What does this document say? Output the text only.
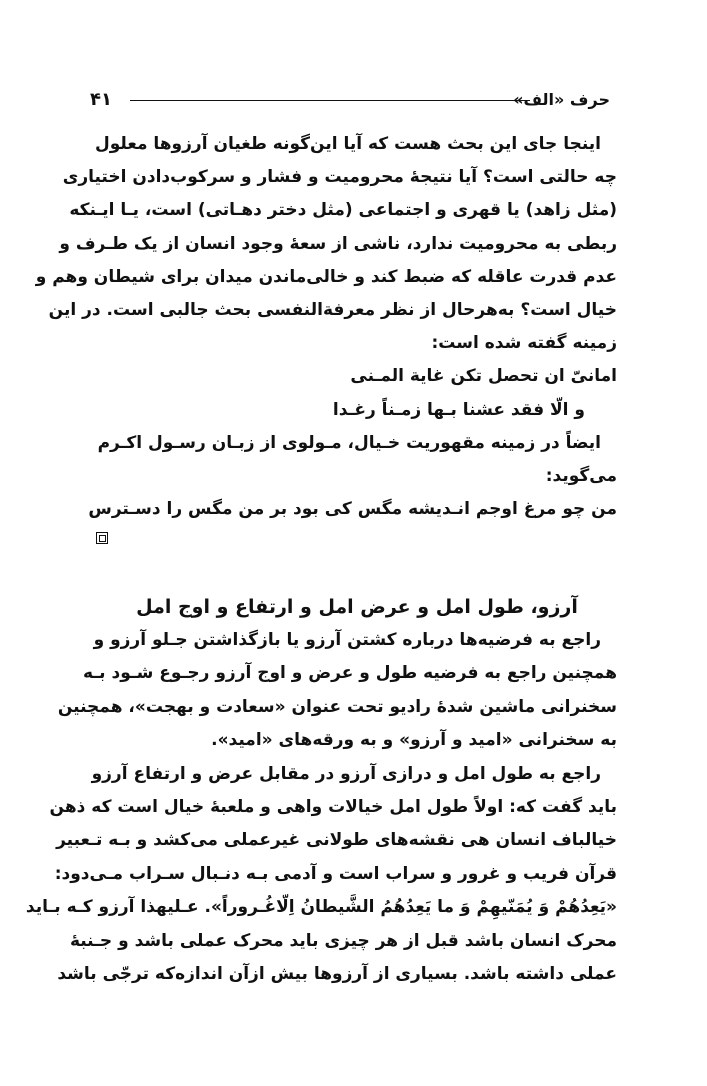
حرف «الف»
۴۱
اینجا جای این بحث هست که آیا این‌گونه طغیان آرزوها معلول
چه حالتی است؟ آیا نتیجهٔ محرومیت و فشار و سرکوب‌دادن اختیاری
(مثل زاهد) یا قهری و اجتماعی (مثل دختر دهـاتی) است، یـا ایـنکه
ربطی به محرومیت ندارد، ناشی از سعهٔ وجود انسان از یک طـرف و
عدم قدرت عاقله که ضبط کند و خالی‌ماندن میدان برای شیطان وهم و
خیال است؟ به‌هرحال از نظر معرفةالنفسی بحث جالبی است. در این
زمینه گفته شده است:
امانیّ ان تحصل تکن غایة المـنی
و الّا فقد عشنا بـها زمـناً رغـدا
ایضاً در زمینه مقهوریت خـیال، مـولوی از زبـان رسـول اکـرم
می‌گوید:
من چو مرغ اوجم انـدیشه مگس کی بود بر من مگس را دسـترس
آرزو، طول امل و عرض امل و ارتفاع و اوج امل
راجع به فرضیه‌ها درباره کشتن آرزو یا بازگذاشتن جـلو آرزو و
همچنین راجع به فرضیه طول و عرض و اوج آرزو رجـوع شـود بـه
سخنرانی ماشین شدهٔ رادیو تحت عنوان «سعادت و بهجت»، همچنین
به سخنرانی «امید و آرزو» و به ورقه‌های «امید».
راجع به طول امل و درازی آرزو در مقابل عرض و ارتفاع آرزو
باید گفت که: اولاً طول امل خیالات واهی و ملعبهٔ خیال است که ذهن
خیالباف انسان هی نقشه‌های طولانی غیرعملی می‌کشد و بـه تـعبیر
قرآن فریب و غرور و سراب است و آدمی بـه دنـبال سـراب مـی‌دود:
«یَعِدُهُمْ وَ یُمَنّیهِمْ وَ ما یَعِدُهُمُ الشَّیطانُ اِلّاغُـروراً». عـلیهذا آرزو کـه بـاید
محرک انسان باشد قبل از هر چیزی باید محرک عملی باشد و جـنبهٔ
عملی داشته باشد. بسیاری از آرزوها بیش ازآن اندازه‌که ترجّی باشد
